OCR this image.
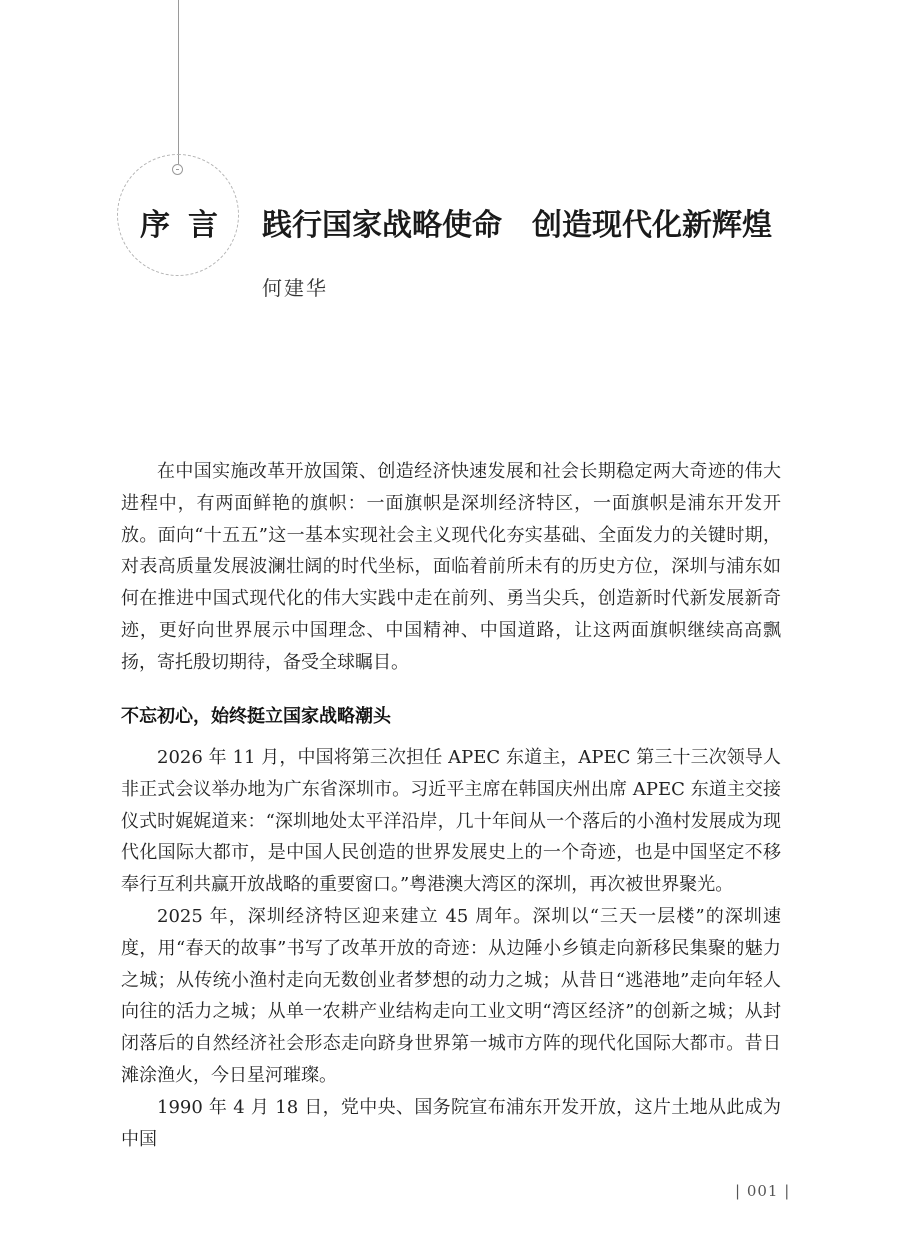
序言 践行国家战略使命　创造现代化新辉煌
何建华

在中国实施改革开放国策、创造经济快速发展和社会长期稳定两大奇迹的伟大进程中，有两面鲜艳的旗帜：一面旗帜是深圳经济特区，一面旗帜是浦东开发开放。面向“十五五”这一基本实现社会主义现代化夯实基础、全面发力的关键时期，对表高质量发展波澜壮阔的时代坐标，面临着前所未有的历史方位，深圳与浦东如何在推进中国式现代化的伟大实践中走在前列、勇当尖兵，创造新时代新发展新奇迹，更好向世界展示中国理念、中国精神、中国道路，让这两面旗帜继续高高飘扬，寄托殷切期待，备受全球瞩目。

不忘初心，始终挺立国家战略潮头

2026 年 11 月，中国将第三次担任 APEC 东道主，APEC 第三十三次领导人非正式会议举办地为广东省深圳市。习近平主席在韩国庆州出席 APEC 东道主交接仪式时娓娓道来：“深圳地处太平洋沿岸，几十年间从一个落后的小渔村发展成为现代化国际大都市，是中国人民创造的世界发展史上的一个奇迹，也是中国坚定不移奉行互利共赢开放战略的重要窗口。”粤港澳大湾区的深圳，再次被世界聚光。

2025 年，深圳经济特区迎来建立 45 周年。深圳以“三天一层楼”的深圳速度，用“春天的故事”书写了改革开放的奇迹：从边陲小乡镇走向新移民集聚的魅力之城；从传统小渔村走向无数创业者梦想的动力之城；从昔日“逃港地”走向年轻人向往的活力之城；从单一农耕产业结构走向工业文明“湾区经济”的创新之城；从封闭落后的自然经济社会形态走向跻身世界第一城市方阵的现代化国际大都市。昔日滩涂渔火，今日星河璀璨。

1990 年 4 月 18 日，党中央、国务院宣布浦东开发开放，这片土地从此成为中国

| 001 |
